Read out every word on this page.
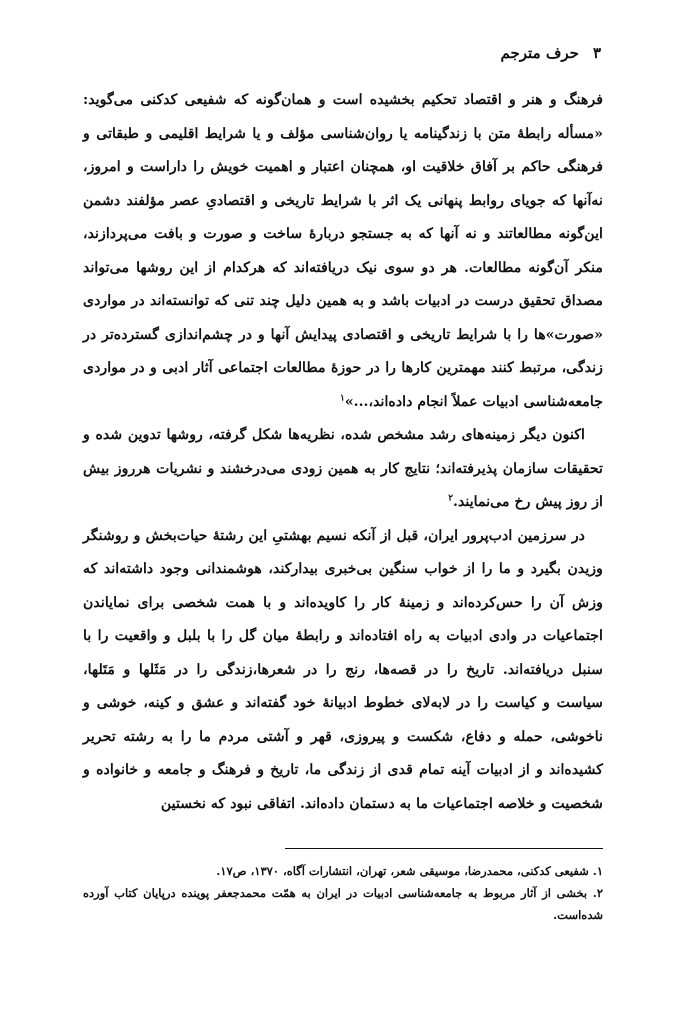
۳حرف مترجم

فرهنگ و هنر و اقتصاد تحکیم بخشیده است و همان‌گونه که شفیعی کدکنی می‌گوید: «مسأله رابطهٔ متن با زندگینامه یا روان‌شناسی مؤلف و یا شرایط اقلیمی و طبقاتی و فرهنگی حاکم بر آفاق خلاقیت او، همچنان اعتبار و اهمیت خویش را داراست و امروز، نه‌آنها که جویای روابط پنهانی یک اثر با شرایط تاریخی و اقتصادیِ عصر مؤلفند دشمن این‌گونه مطالعاتند و نه آنها که به جستجو دربارهٔ ساخت و صورت و بافت می‌پردازند، منکر آن‌گونه مطالعات. هر دو سوی نیک دریافته‌اند که هرکدام از این روشها می‌تواند مصداق تحقیق درست در ادبیات باشد و به همین دلیل چند تنی که توانسته‌اند در مواردی «صورت»ها را با شرایط تاریخی و اقتصادی پیدایش آنها و در چشم‌اندازی گسترده‌تر در زندگی، مرتبط کنند مهمترین کارها را در حوزهٔ مطالعات اجتماعی آثار ادبی و در مواردی جامعه‌شناسی ادبیات عملاً انجام داده‌اند،...»$^۱$

اکنون دیگر زمینه‌های رشد مشخص شده، نظریه‌ها شکل گرفته، روشها تدوین شده و تحقیقات سازمان پذیرفته‌اند؛ نتایج کار به همین زودی می‌درخشند و نشریات هرروز بیش از روز پیش رخ می‌نمایند.$^۲$

در سرزمین ادب‌پرور ایران، قبل از آنکه نسیم بهشتیِ این رشتهٔ حیات‌بخش و روشنگر وزیدن بگیرد و ما را از خواب سنگین بی‌خبری بیدارکند، هوشمندانی وجود داشته‌اند که وزش آن را حس‌کرده‌اند و زمینهٔ کار را کاویده‌اند و با همت شخصی برای نمایاندن اجتماعیات در وادی ادبیات به راه افتاده‌اند و رابطهٔ میان گل را با بلبل و واقعیت را با سنبل دریافته‌اند. تاریخ را در قصه‌ها، رنج را در شعرها،زندگی را در مَثَلها و مَتَلها، سیاست و کیاست را در لابه‌لای خطوط ادبیانهٔ خود گفته‌اند و عشق و کینه، خوشی و ناخوشی، حمله و دفاع، شکست و پیروزی، قهر و آشتی مردم ما را به رشته تحریر کشیده‌اند و از ادبیات آینه تمام قدی از زندگی ما، تاریخ و فرهنگ و جامعه و خانواده و شخصیت و خلاصه اجتماعیات ما به دستمان داده‌اند. اتفاقی نبود که نخستین

۱. شفیعی کدکنی، محمدرضا، موسیقی شعر، تهران، انتشارات آگاه، ۱۳۷۰، ص۱۷.

۲. بخشی از آثار مربوط به جامعه‌شناسی ادبیات در ایران به همّت محمدجعفر پوینده درپایان کتاب آورده شده‌است.
